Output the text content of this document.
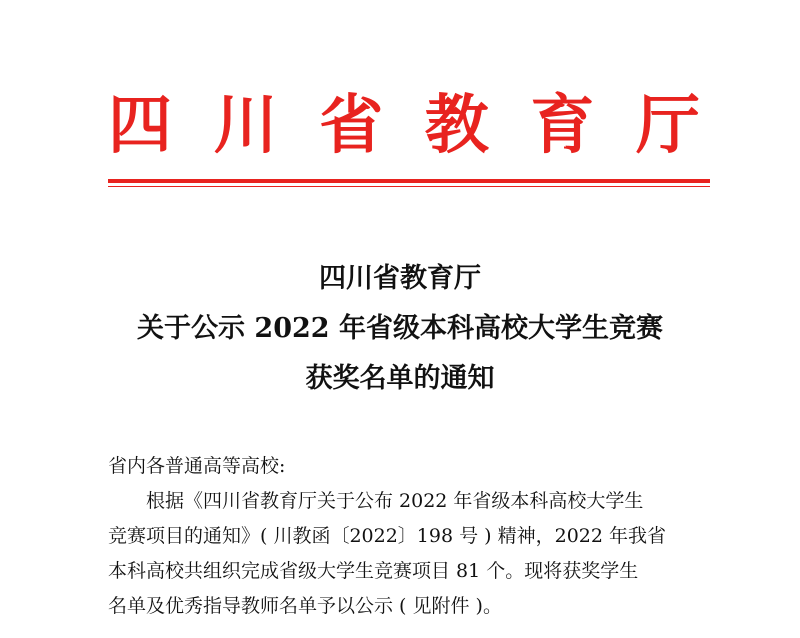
四 川 省 教 育 厅
四川省教育厅
关于公示 2022 年省级本科高校大学生竞赛
获奖名单的通知
省内各普通高等高校:
根据《四川省教育厅关于公布 2022 年省级本科高校大学生
竞赛项目的通知》( 川教函〔2022〕198 号 ) 精神，2022 年我省
本科高校共组织完成省级大学生竞赛项目 81 个。现将获奖学生
名单及优秀指导教师名单予以公示 ( 见附件 )。
